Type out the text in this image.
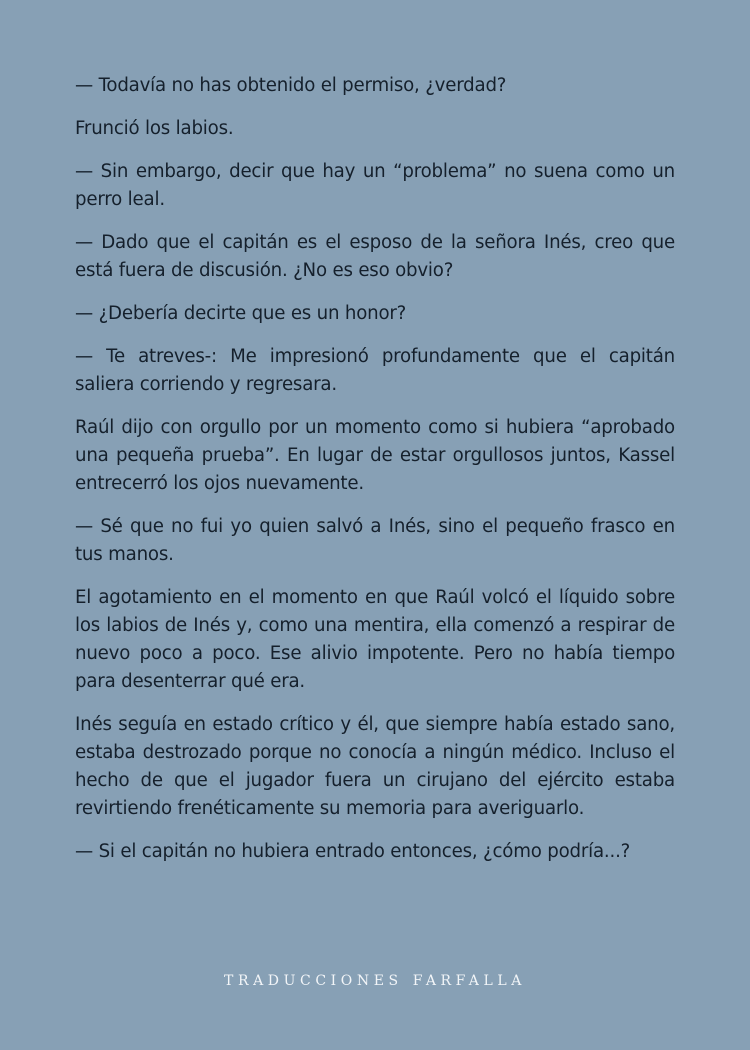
— Todavía no has obtenido el permiso, ¿verdad?

Frunció los labios.

— Sin embargo, decir que hay un “problema” no suena como un perro leal.

— Dado que el capitán es el esposo de la señora Inés, creo que está fuera de discusión. ¿No es eso obvio?

— ¿Debería decirte que es un honor?

— Te atreves-: Me impresionó profundamente que el capitán saliera corriendo y regresara.

Raúl dijo con orgullo por un momento como si hubiera “aprobado una pequeña prueba”. En lugar de estar orgullosos juntos, Kassel entrecerró los ojos nuevamente.

— Sé que no fui yo quien salvó a Inés, sino el pequeño frasco en tus manos.

El agotamiento en el momento en que Raúl volcó el líquido sobre los labios de Inés y, como una mentira, ella comenzó a respirar de nuevo poco a poco. Ese alivio impotente. Pero no había tiempo para desenterrar qué era.

Inés seguía en estado crítico y él, que siempre había estado sano, estaba destrozado porque no conocía a ningún médico. Incluso el hecho de que el jugador fuera un cirujano del ejército estaba revirtiendo frenéticamente su memoria para averiguarlo.

— Si el capitán no hubiera entrado entonces, ¿cómo podría...?

TRADUCCIONES FARFALLA
